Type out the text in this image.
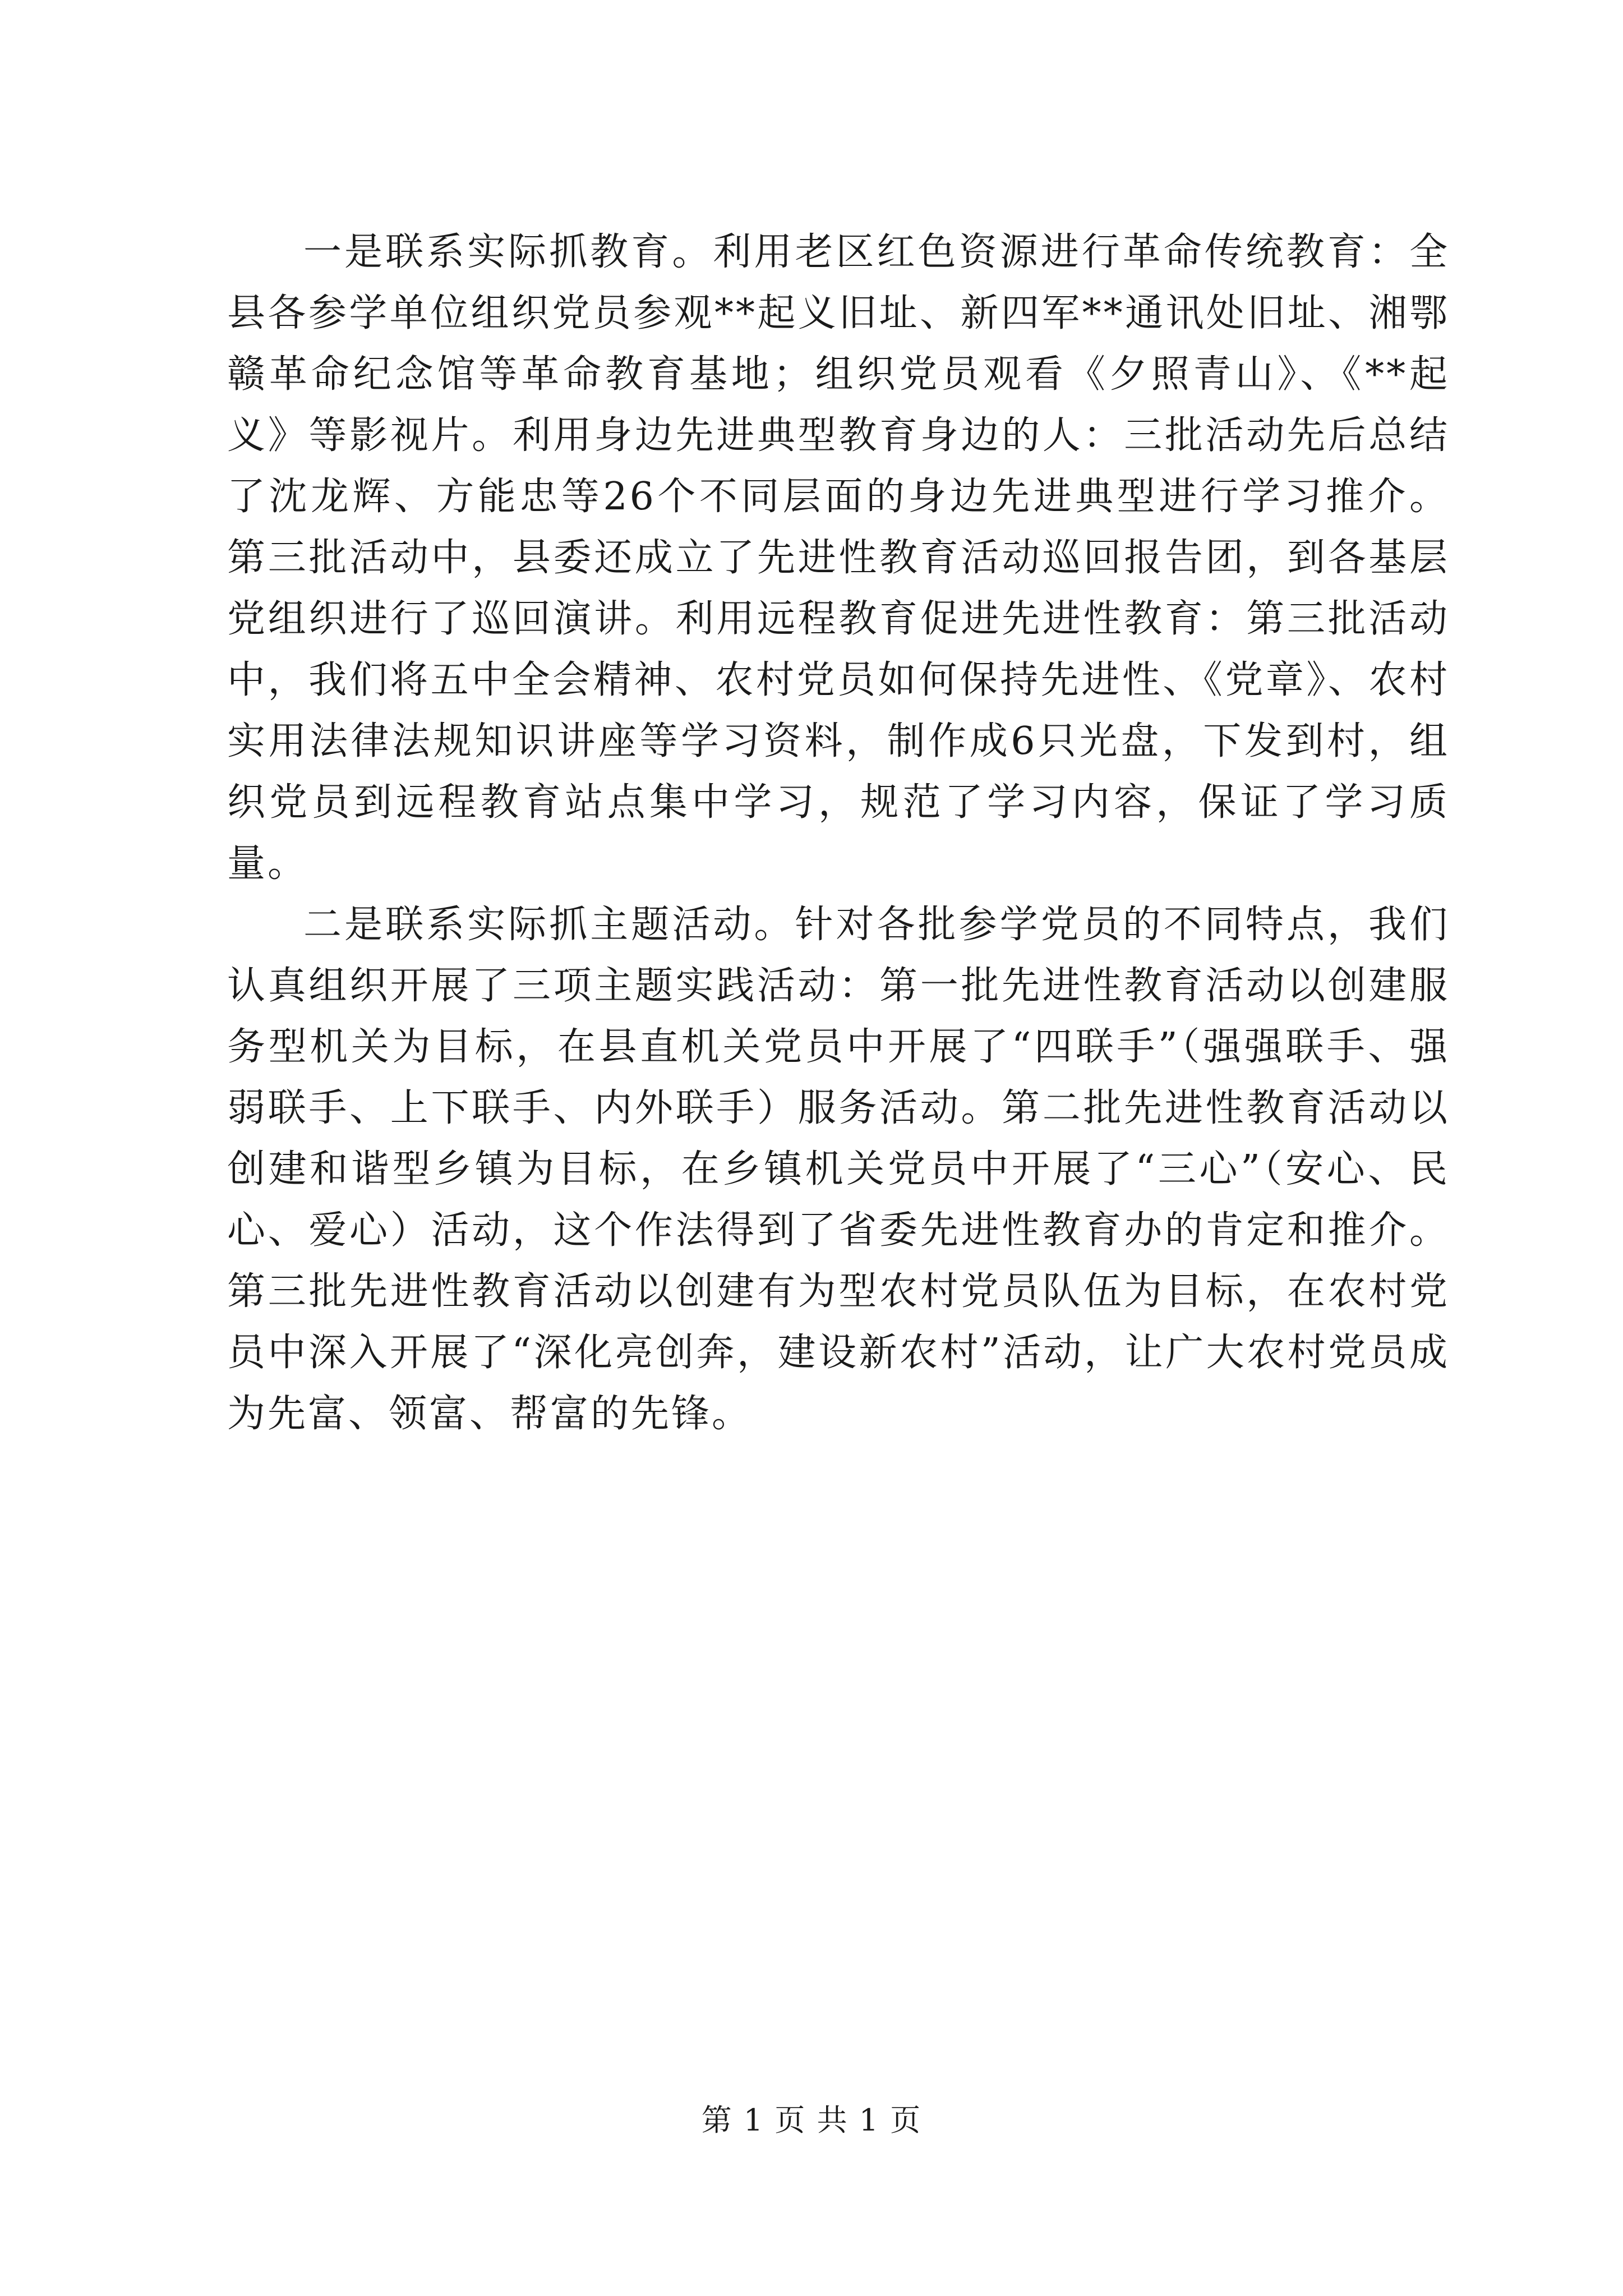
一是联系实际抓教育。利用老区红色资源进行革命传统教育：全县各参学单位组织党员参观**起义旧址、新四军**通讯处旧址、湘鄂赣革命纪念馆等革命教育基地；组织党员观看《夕照青山》、《**起义》等影视片。利用身边先进典型教育身边的人：三批活动先后总结了沈龙辉、方能忠等26个不同层面的身边先进典型进行学习推介。第三批活动中，县委还成立了先进性教育活动巡回报告团，到各基层党组织进行了巡回演讲。利用远程教育促进先进性教育：第三批活动中，我们将五中全会精神、农村党员如何保持先进性、《党章》、农村实用法律法规知识讲座等学习资料，制作成6只光盘，下发到村，组织党员到远程教育站点集中学习，规范了学习内容，保证了学习质量。

二是联系实际抓主题活动。针对各批参学党员的不同特点，我们认真组织开展了三项主题实践活动：第一批先进性教育活动以创建服务型机关为目标，在县直机关党员中开展了“四联手”（强强联手、强弱联手、上下联手、内外联手）服务活动。第二批先进性教育活动以创建和谐型乡镇为目标，在乡镇机关党员中开展了“三心”（安心、民心、爱心）活动，这个作法得到了省委先进性教育办的肯定和推介。第三批先进性教育活动以创建有为型农村党员队伍为目标，在农村党员中深入开展了“深化亮创奔，建设新农村”活动，让广大农村党员成为先富、领富、帮富的先锋。

第 1 页 共 1 页
